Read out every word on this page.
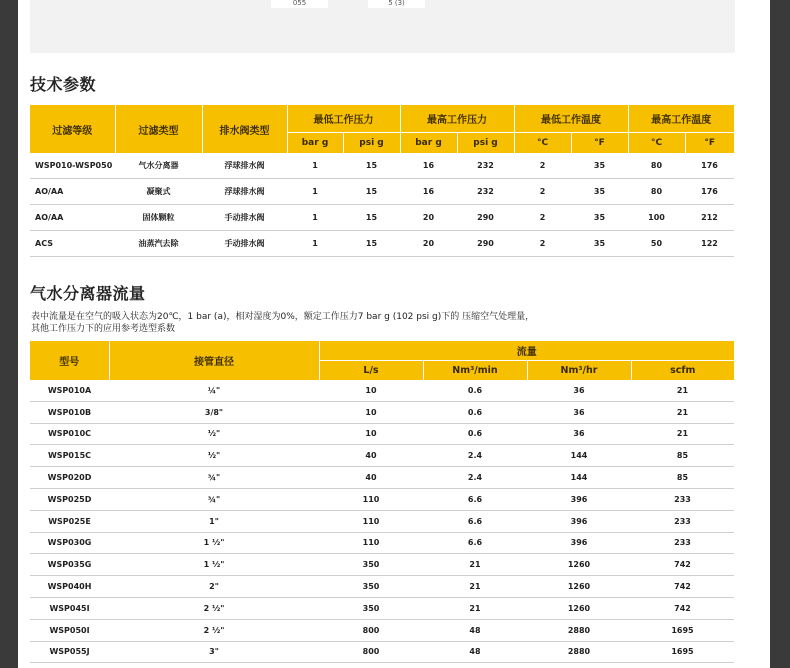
055	5 (3)
技术参数
过滤等级	过滤类型	排水阀类型	最低工作压力		最高工作压力		最低工作温度		最高工作温度	
			bar g	psi g	bar g	psi g	°C	°F	°C	°F
WSP010-WSP050	气水分离器	浮球排水阀	1	15	16	232	2	35	80	176
AO/AA	凝聚式	浮球排水阀	1	15	16	232	2	35	80	176
AO/AA	固体颗粒	手动排水阀	1	15	20	290	2	35	100	212
ACS	油蒸汽去除	手动排水阀	1	15	20	290	2	35	50	122
气水分离器流量
表中流量是在空气的吸入状态为20℃，1 bar (a)，相对湿度为0%，额定工作压力7 bar g (102 psi g)下的 压缩空气处理量，
其他工作压力下的应用参考选型系数
型号	接管直径	流量			
		L/s	Nm³/min	Nm³/hr	scfm
WSP010A	¼"	10	0.6	36	21
WSP010B	3/8"	10	0.6	36	21
WSP010C	½"	10	0.6	36	21
WSP015C	½"	40	2.4	144	85
WSP020D	¾"	40	2.4	144	85
WSP025D	¾"	110	6.6	396	233
WSP025E	1"	110	6.6	396	233
WSP030G	1 ½"	110	6.6	396	233
WSP035G	1 ½"	350	21	1260	742
WSP040H	2"	350	21	1260	742
WSP045I	2 ½"	350	21	1260	742
WSP050I	2 ½"	800	48	2880	1695
WSP055J	3"	800	48	2880	1695
